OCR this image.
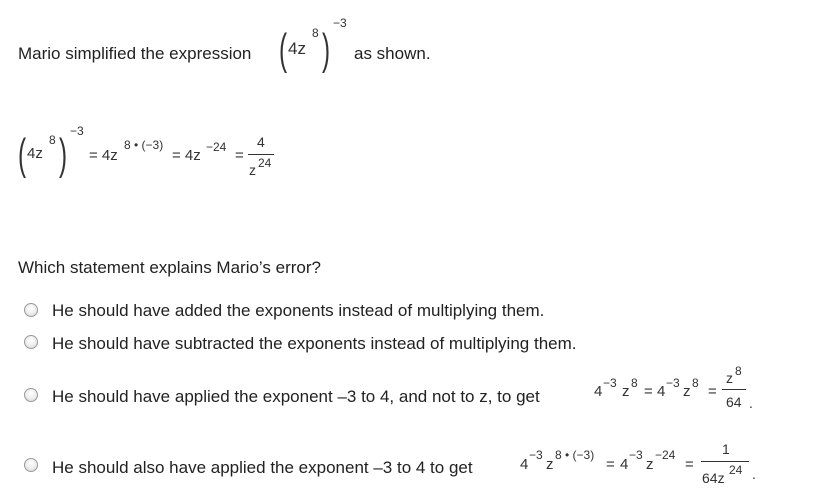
Mario simplified the expression ( 4z
8 )
−3
as shown.
( 4z
8 ) −3
= 4z
8 • (−3)
= 4z −24 =
4
z 24
Which statement explains Mario’s error?
He should have added the exponents instead of multiplying them.
He should have subtracted the exponents instead of multiplying them.
He should have applied the exponent –3 to 4, and not to z, to get	4 −3 z 8 = 4 −3 z 8 =
z 8
64 .
He should also have applied the exponent –3 to 4 to get	4
−3
z
8 • (−3)
= 4
−3
z
−24
=
1
64z 24 .
